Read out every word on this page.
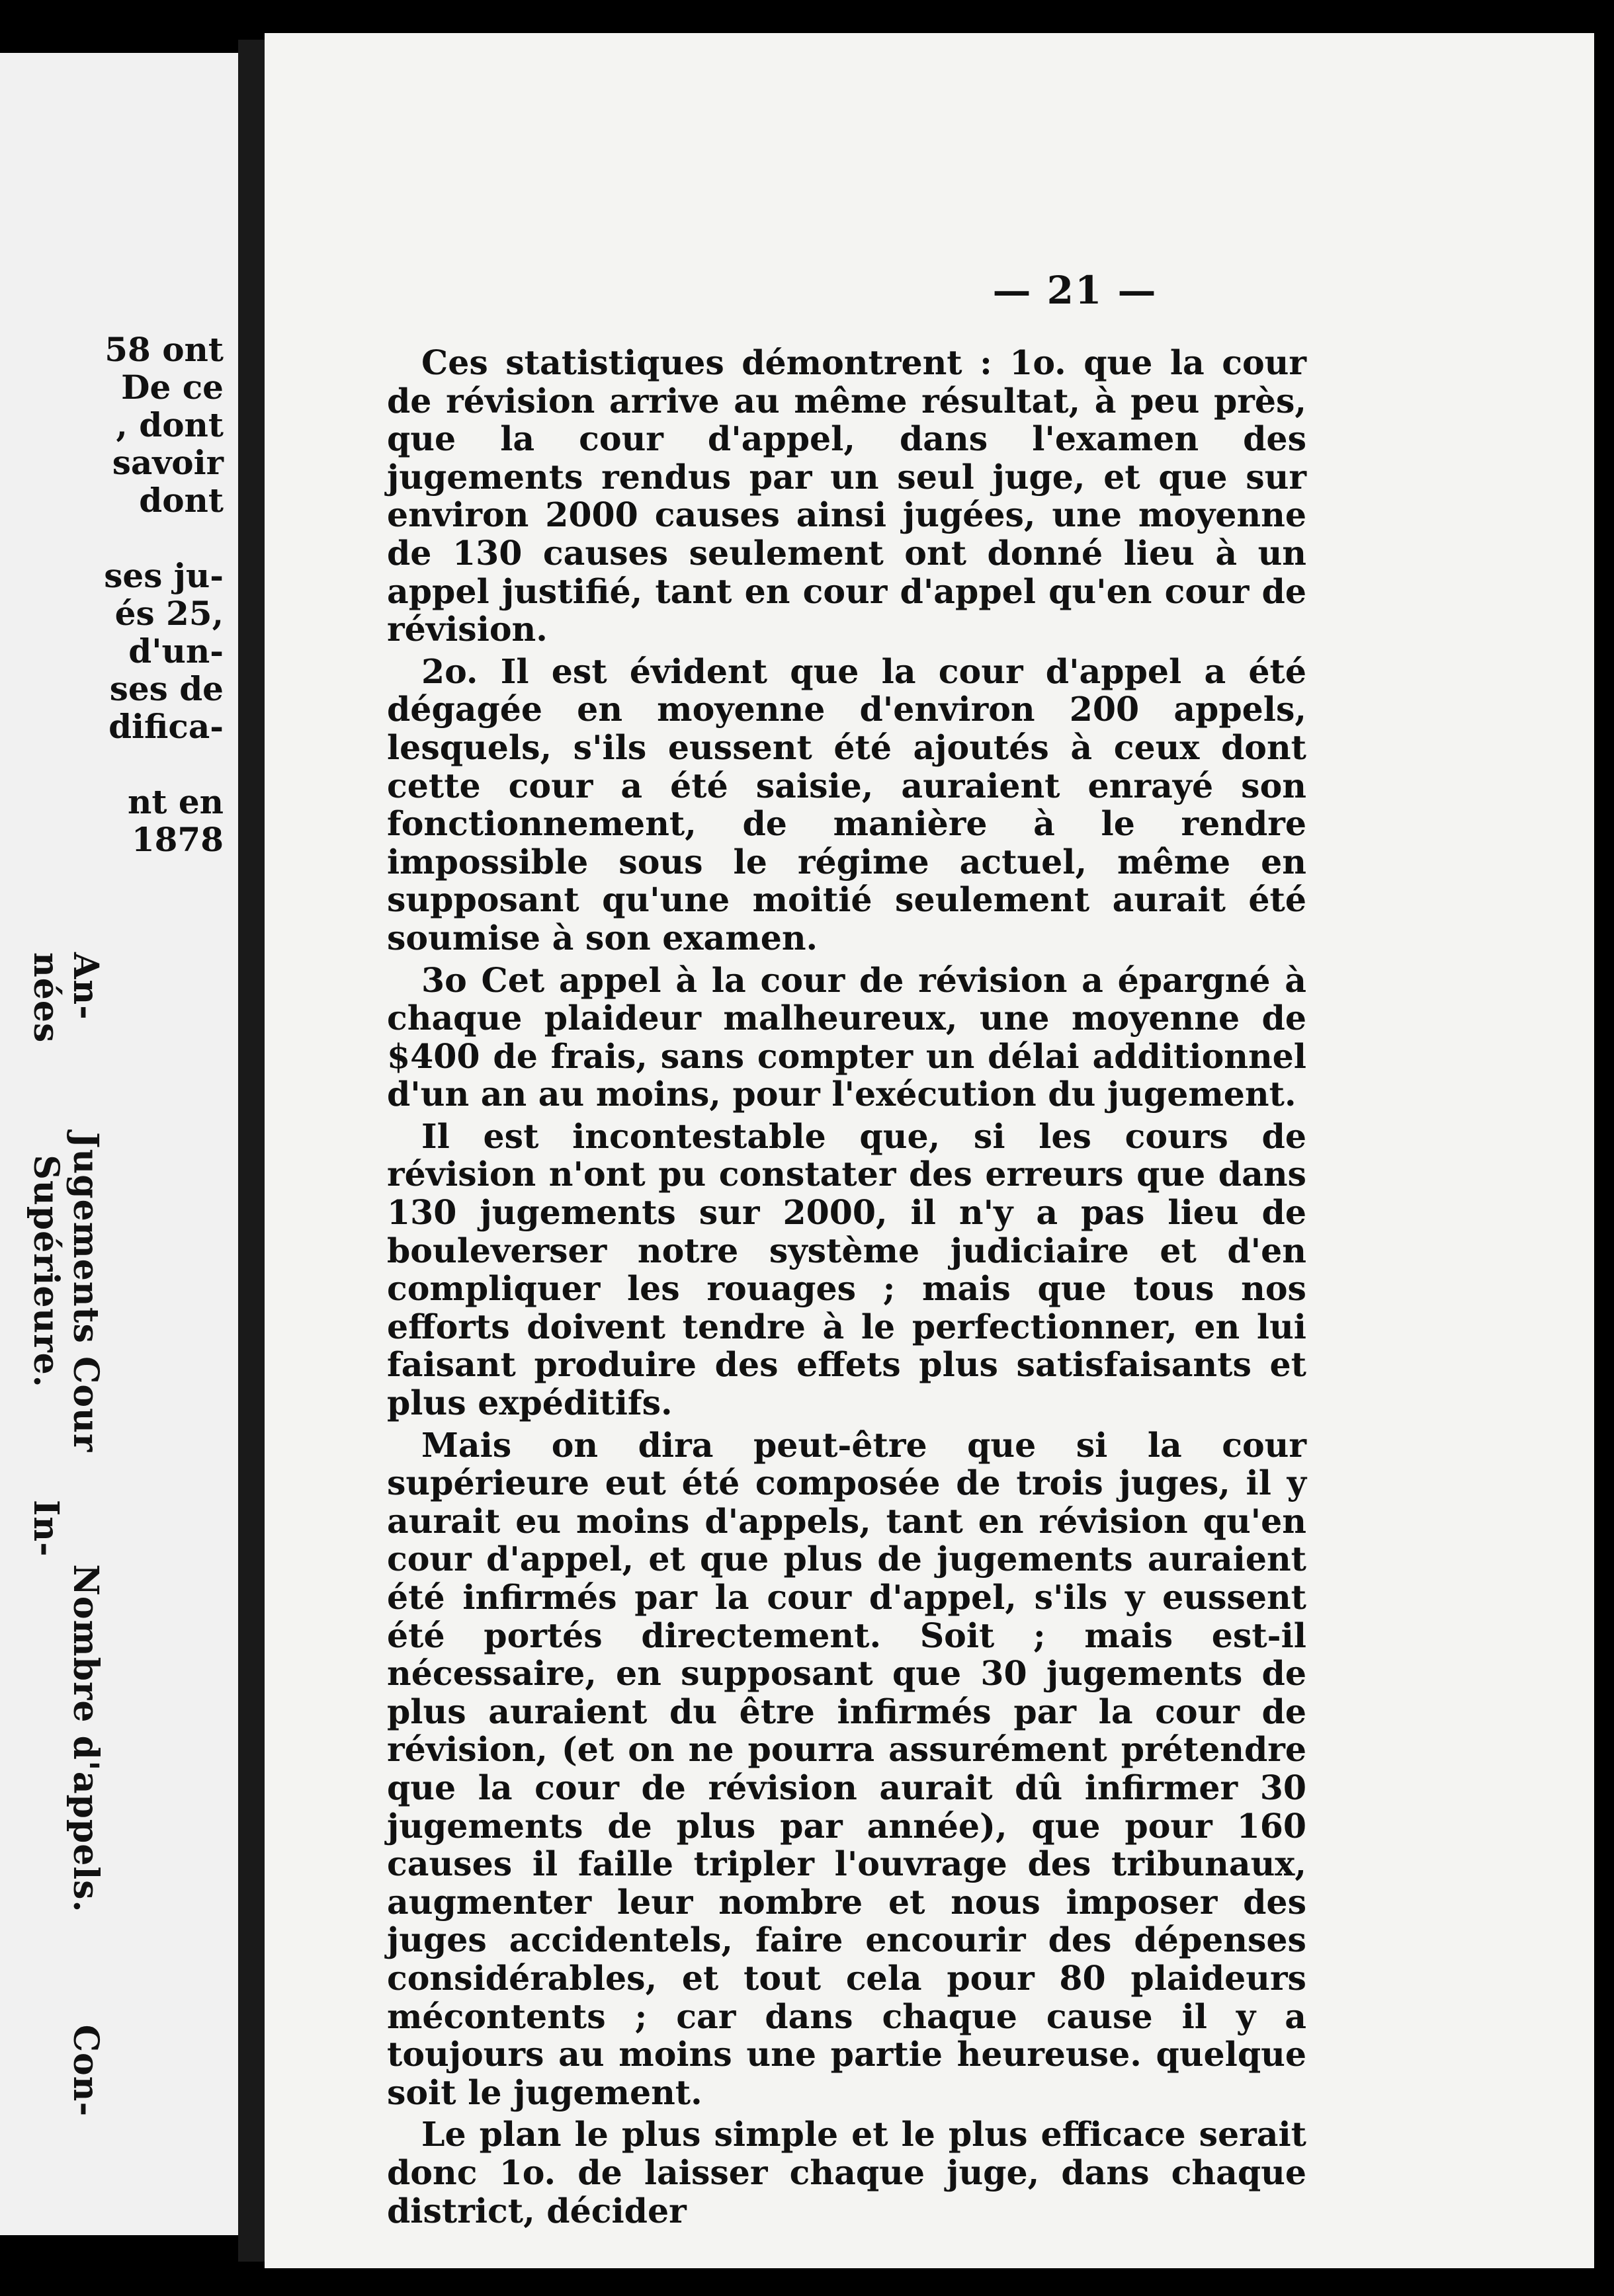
58 ont
De ce
, dont
savoir
dont
ses ju-
és 25,
d'un-
ses de
difica-
nt en
1878
An- Jugements Cour Nombre d'appels. Con-
nées Supérieure. In-
— 21 —

Ces statistiques démontrent : 1o. que la cour de révision arrive au même résultat, à peu près, que la cour d'appel, dans l'examen des jugements rendus par un seul juge, et que sur environ 2000 causes ainsi jugées, une moyenne de 130 causes seulement ont donné lieu à un appel justifié, tant en cour d'appel qu'en cour de révision.

2o. Il est évident que la cour d'appel a été dégagée en moyenne d'environ 200 appels, lesquels, s'ils eussent été ajoutés à ceux dont cette cour a été saisie, auraient enrayé son fonctionnement, de manière à le rendre impossible sous le régime actuel, même en supposant qu'une moitié seulement aurait été soumise à son examen.

3o Cet appel à la cour de révision a épargné à chaque plaideur malheureux, une moyenne de $400 de frais, sans compter un délai additionnel d'un an au moins, pour l'exécution du jugement.

Il est incontestable que, si les cours de révision n'ont pu constater des erreurs que dans 130 jugements sur 2000, il n'y a pas lieu de bouleverser notre système judiciaire et d'en compliquer les rouages ; mais que tous nos efforts doivent tendre à le perfectionner, en lui faisant produire des effets plus satisfaisants et plus expéditifs.

Mais on dira peut-être que si la cour supérieure eut été composée de trois juges, il y aurait eu moins d'appels, tant en révision qu'en cour d'appel, et que plus de jugements auraient été infirmés par la cour d'appel, s'ils y eussent été portés directement. Soit ; mais est-il nécessaire, en supposant que 30 jugements de plus auraient du être infirmés par la cour de révision, (et on ne pourra assurément prétendre que la cour de révision aurait dû infirmer 30 jugements de plus par année), que pour 160 causes il faille tripler l'ouvrage des tribunaux, augmenter leur nombre et nous imposer des juges accidentels, faire encourir des dépenses considérables, et tout cela pour 80 plaideurs mécontents ; car dans chaque cause il y a toujours au moins une partie heureuse. quelque soit le jugement.

Le plan le plus simple et le plus efficace serait donc 1o. de laisser chaque juge, dans chaque district, décider
